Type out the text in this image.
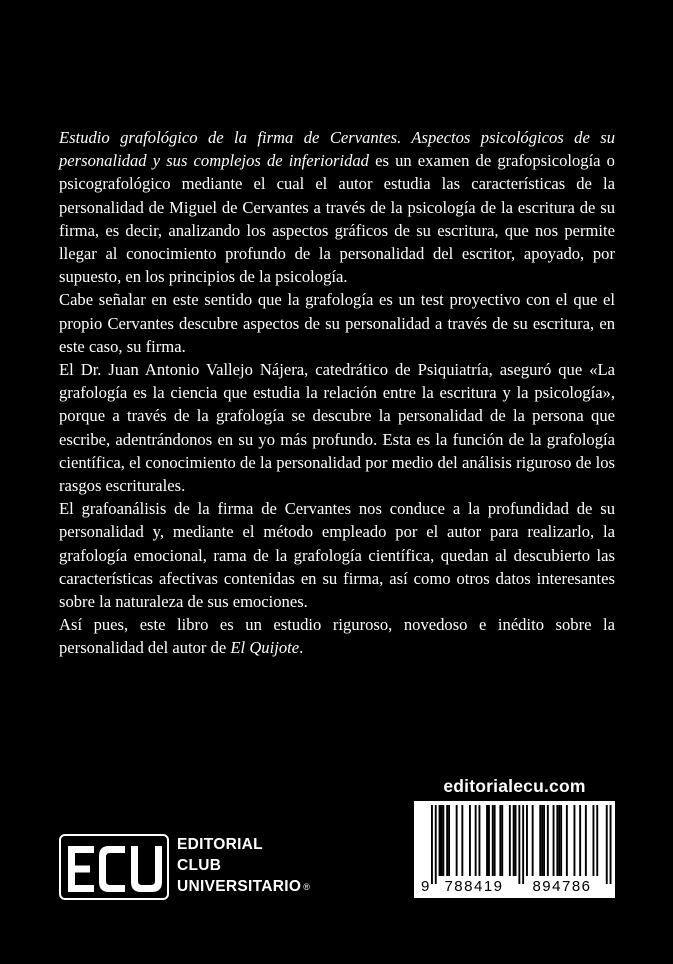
Estudio grafológico de la firma de Cervantes. Aspectos psicológicos de su personalidad y sus complejos de inferioridad es un examen de grafopsicología o psicografológico mediante el cual el autor estudia las características de la personalidad de Miguel de Cervantes a través de la psicología de la escritura de su firma, es decir, analizando los aspectos gráficos de su escritura, que nos permite llegar al conocimiento profundo de la personalidad del escritor, apoyado, por supuesto, en los principios de la psicología.

Cabe señalar en este sentido que la grafología es un test proyectivo con el que el propio Cervantes descubre aspectos de su personalidad a través de su escritura, en este caso, su firma.

El Dr. Juan Antonio Vallejo Nájera, catedrático de Psiquiatría, aseguró que «La grafología es la ciencia que estudia la relación entre la escritura y la psicología», porque a través de la grafología se descubre la personalidad de la persona que escribe, adentrándonos en su yo más profundo. Esta es la función de la grafología científica, el conocimiento de la personalidad por medio del análisis riguroso de los rasgos escriturales.

El grafoanálisis de la firma de Cervantes nos conduce a la profundidad de su personalidad y, mediante el método empleado por el autor para realizarlo, la grafología emocional, rama de la grafología científica, quedan al descubierto las características afectivas contenidas en su firma, así como otros datos interesantes sobre la naturaleza de sus emociones.

Así pues, este libro es un estudio riguroso, novedoso e inédito sobre la personalidad del autor de El Quijote.

editorialecu.com
9 788419 894786
EDITORIAL
CLUB
UNIVERSITARIO ®
